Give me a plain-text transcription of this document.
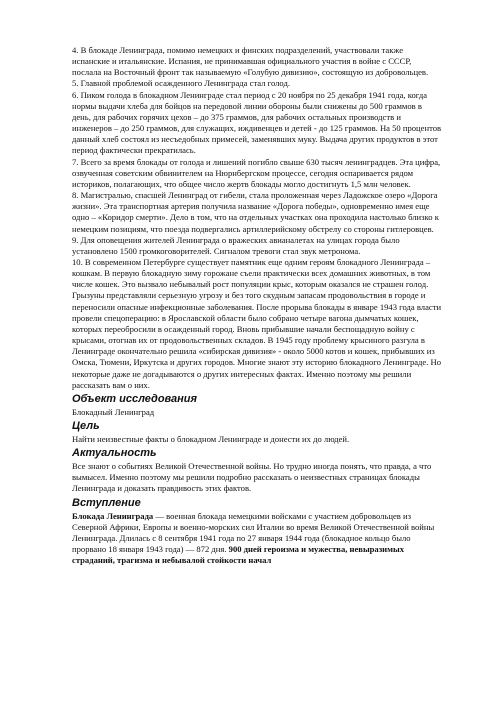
4. В блокаде Ленинграда, помимо немецких и финских подразделений, участвовали также испанские и итальянские. Испания, не принимавшая официального участия в войне с СССР, послала на Восточный фронт так называемую «Голубую дивизию», состоящую из добровольцев.

5. Главной проблемой осажденного Ленинграда стал голод.

6. Пиком голода в блокадном Ленинграде стал период с 20 ноября по 25 декабря 1941 года, когда нормы выдачи хлеба для бойцов на передовой линии обороны были снижены до 500 граммов в день, для рабочих горячих цехов – до 375 граммов, для рабочих остальных производств и инженеров – до 250 граммов, для служащих, иждивенцев и детей - до 125 граммов. На 50 процентов данный хлеб состоял из несъедобных примесей, заменявших муку. Выдача других продуктов в этот период фактически прекратилась.

7. Всего за время блокады от голода и лишений погибло свыше 630 тысяч ленинградцев. Эта цифра, озвученная советским обвинителем на Нюрнбергском процессе, сегодня оспаривается рядом историков, полагающих, что общее число жертв блокады могло достигнуть 1,5 млн человек.

8. Магистралью, спасшей Ленинград от гибели, стала проложенная через Ладожское озеро «Дорога жизни». Эта транспортная артерия получила название «Дорога победы», одновременно имея еще одно – «Коридор смерти». Дело в том, что на отдельных участках она проходила настолько близко к немецким позициям, что поезда подвергались артиллерийскому обстрелу со стороны гитлеровцев.

9. Для оповещения жителей Ленинграда о вражеских авианалетах на улицах города было установлено 1500 громкоговорителей. Сигналом тревоги стал звук метронома.

10. В современном Петербурге существует памятник еще одним героям блокадного Ленинграда – кошкам. В первую блокадную зиму горожане съели практически всех домашних животных, в том числе кошек. Это вызвало небывалый рост популяции крыс, которым оказался не страшен голод. Грызуны представляли серьезную угрозу и без того скудным запасам продовольствия в городе и переносили опасные инфекционные заболевания. После прорыва блокады в январе 1943 года власти провели спецоперацию: в Ярославской области было собрано четыре вагона дымчатых кошек, которых переобросили в осажденный город. Вновь прибывшие начали беспощадную войну с крысами, отогнав их от продовольственных складов. В 1945 году проблему крысиного разгула в Ленинграде окончательно решила «сибирская дивизия» - около 5000 котов и кошек, прибывших из Омска, Тюмени, Иркутска и других городов. Многие знают эту историю блокадного Ленинграде. Но некоторые даже не догадываются о других интересных фактах. Именно поэтому мы решили рассказать вам о них.

Объект исследования

Блокадный Ленинград

Цель

Найти неизвестные факты о блокадном Ленинграде и донести их до людей.

Актуальность

Все знают о событиях Великой Отечественной войны. Но трудно иногда понять, что правда, а что вымысел. Именно поэтому мы решили подробно рассказать о неизвестных страницах блокады Ленинграда и доказать правдивость этих фактов.

Вступление

Блокада Ленинграда — военная блокада немецкими войсками с участием добровольцев из Северной Африки, Европы и военно-морских сил Италии во время Великой Отечественной войны Ленинграда. Длилась с 8 сентября 1941 года по 27 января 1944 года (блокадное кольцо было прорвано 18 января 1943 года) — 872 дня. 900 дней героизма и мужества, невыразимых страданий, трагизма и небывалой стойкости начал
